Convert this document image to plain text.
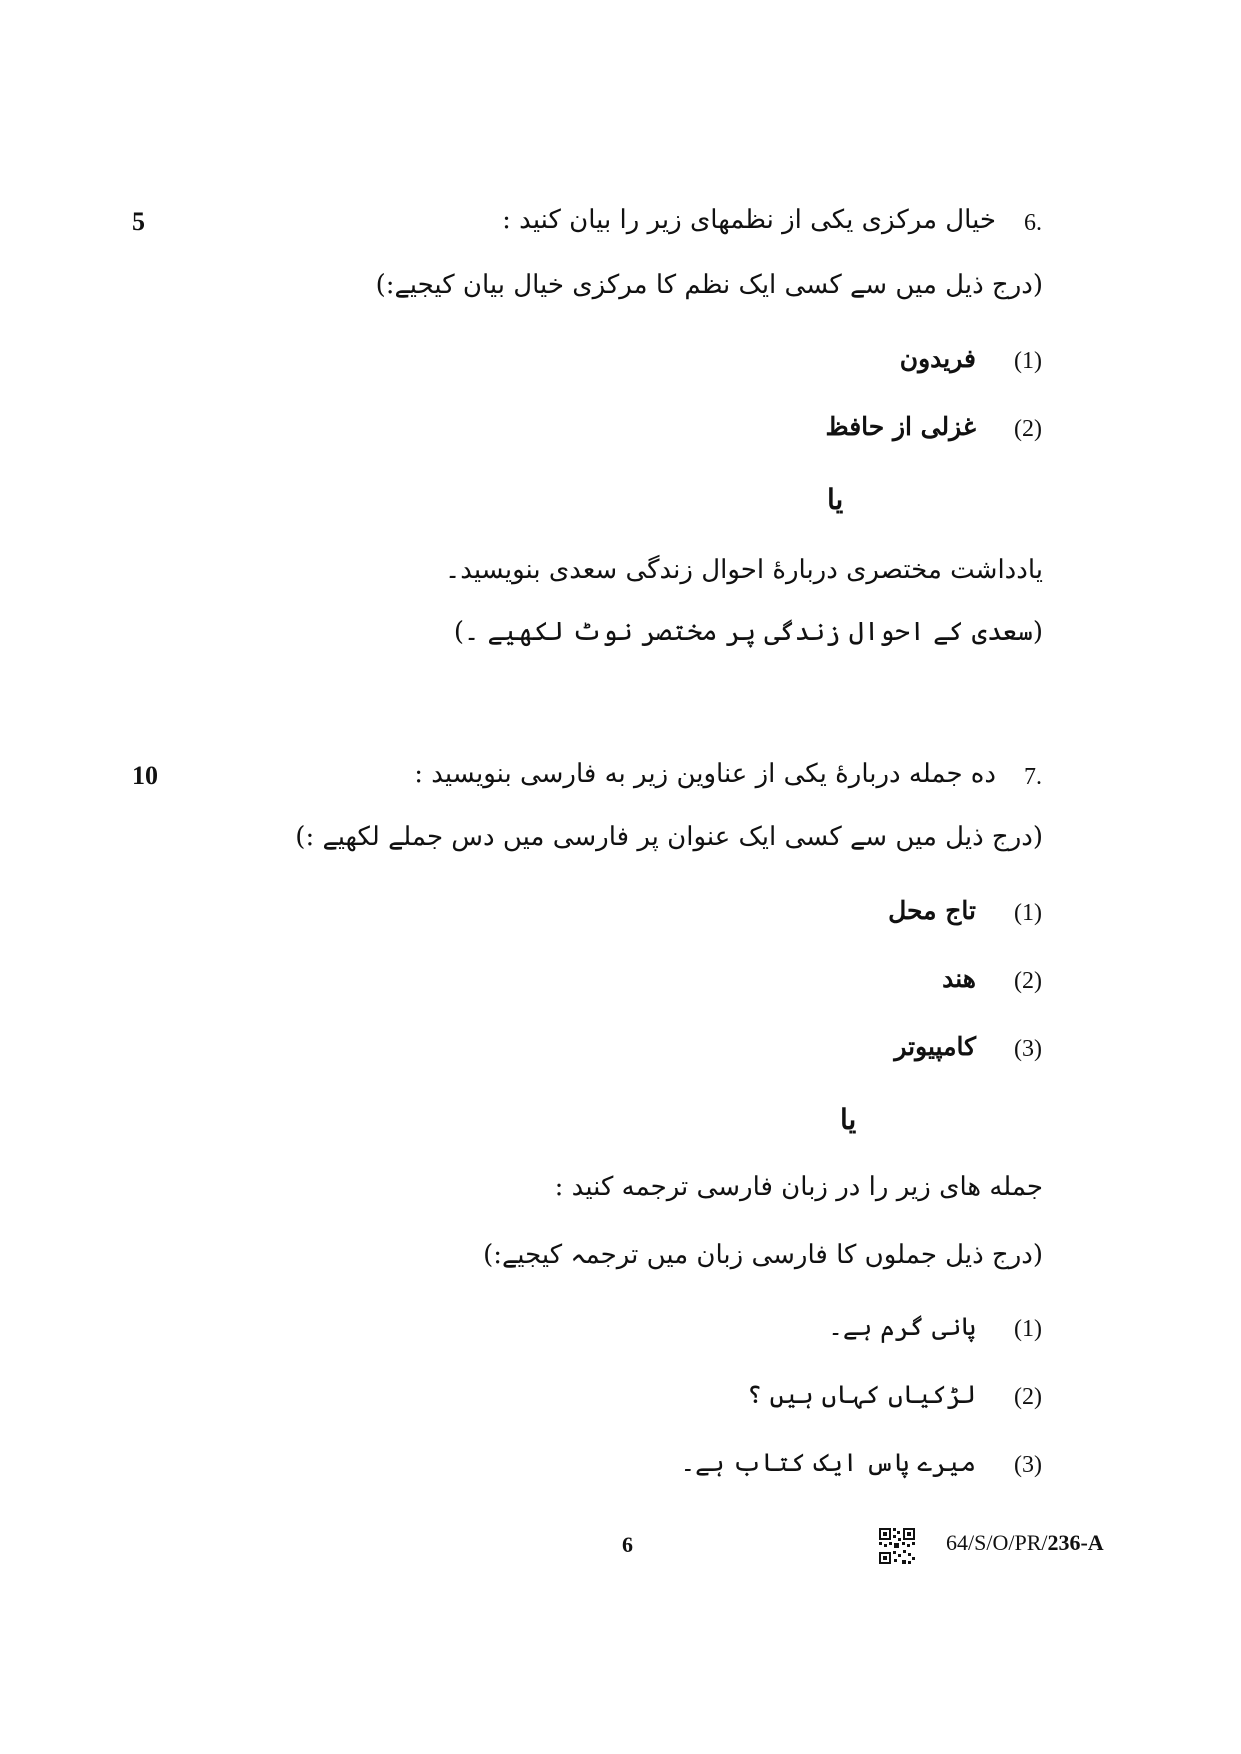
5	6.
خیال مرکزی یکی از نظمهای زیر را بیان کنید :
(درج ذیل میں سے کسی ایک نظم کا مرکزی خیال بیان کیجیے:)
(1)
فریدون
(2)
غزلی از حافظ
یا
یادداشت مختصری دربارهٔ احوال زندگی سعدی بنویسید۔
(سعدی کے احوال زندگی پر مختصر نوٹ لکھیے ۔)
10	7.
ده جمله دربارهٔ یکی از عناوین زیر به فارسی بنویسید :
(درج ذیل میں سے کسی ایک عنوان پر فارسی میں دس جملے لکھیے :)
(1)
تاج محل
(2)
هند
(3)
کامپیوتر
یا
جمله های زیر را در زبان فارسی ترجمه کنید :
(درج ذیل جملوں کا فارسی زبان میں ترجمہ کیجیے:)
(1)
پانی گرم ہے۔
(2)
لڑکیاں کہاں ہیں ؟
(3)
میرے پاس ایک کتاب ہے۔
6	64/S/O/PR/236-A
